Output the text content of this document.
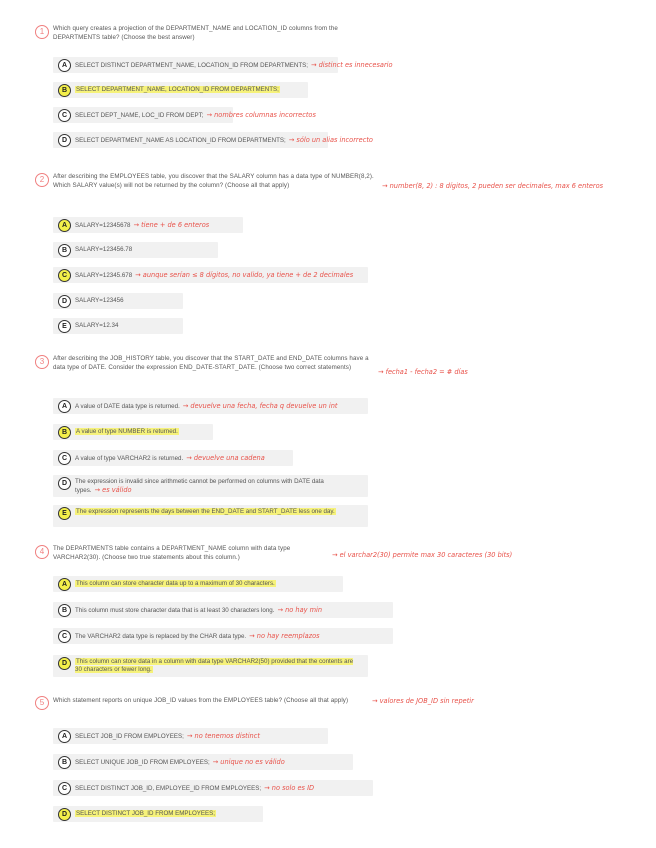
1	Which query creates a projection of the DEPARTMENT_NAME and LOCATION_ID columns from the DEPARTMENTS table? (Choose the best answer)
A	SELECT DISTINCT DEPARTMENT_NAME, LOCATION_ID FROM DEPARTMENTS; → distinct es innecesario
B	SELECT DEPARTMENT_NAME, LOCATION_ID FROM DEPARTMENTS;
C	SELECT DEPT_NAME, LOC_ID FROM DEPT; → nombres columnas incorrectos
D	SELECT DEPARTMENT_NAME AS LOCATION_ID FROM DEPARTMENTS; → sólo un alias incorrecto
2	After describing the EMPLOYEES table, you discover that the SALARY column has a data type of NUMBER(8,2). Which SALARY value(s) will not be returned by the column? (Choose all that apply)	→ number(8, 2) : 8 dígitos, 2 pueden ser decimales, max 6 enteros
A	SALARY=12345678 → tiene + de 6 enteros
B	SALARY=123456.78
C	SALARY=12345.678 → aunque serían ≤ 8 dígitos, no valido, ya tiene + de 2 decimales
D	SALARY=123456
E	SALARY=12.34
3	After describing the JOB_HISTORY table, you discover that the START_DATE and END_DATE columns have a data type of DATE. Consider the expression END_DATE-START_DATE. (Choose two correct statements)
→ fecha1 - fecha2 = # días
A	A value of DATE data type is returned. → devuelve una fecha, fecha q devuelve un int
B	A value of type NUMBER is returned.
C	A value of type VARCHAR2 is returned. → devuelve una cadena
D	The expression is invalid since arithmetic cannot be performed on columns with DATE data types. → es válido
E	The expression represents the days between the END_DATE and START_DATE less one day.
4	The DEPARTMENTS table contains a DEPARTMENT_NAME column with data type VARCHAR2(30). (Choose two true statements about this column.)	→ el varchar2(30) permite max 30 caracteres (30 bits)
A	This column can store character data up to a maximum of 30 characters.
B	This column must store character data that is at least 30 characters long. → no hay min
C	The VARCHAR2 data type is replaced by the CHAR data type. → no hay reemplazos
D	This column can store data in a column with data type VARCHAR2(50) provided that the contents are 30 characters or fewer long.
5	Which statement reports on unique JOB_ID values from the EMPLOYEES table? (Choose all that apply)	→ valores de JOB_ID sin repetir
A	SELECT JOB_ID FROM EMPLOYEES; → no tenemos distinct
B	SELECT UNIQUE JOB_ID FROM EMPLOYEES; → unique no es válido
C	SELECT DISTINCT JOB_ID, EMPLOYEE_ID FROM EMPLOYEES; → no solo es ID
D	SELECT DISTINCT JOB_ID FROM EMPLOYEES;
